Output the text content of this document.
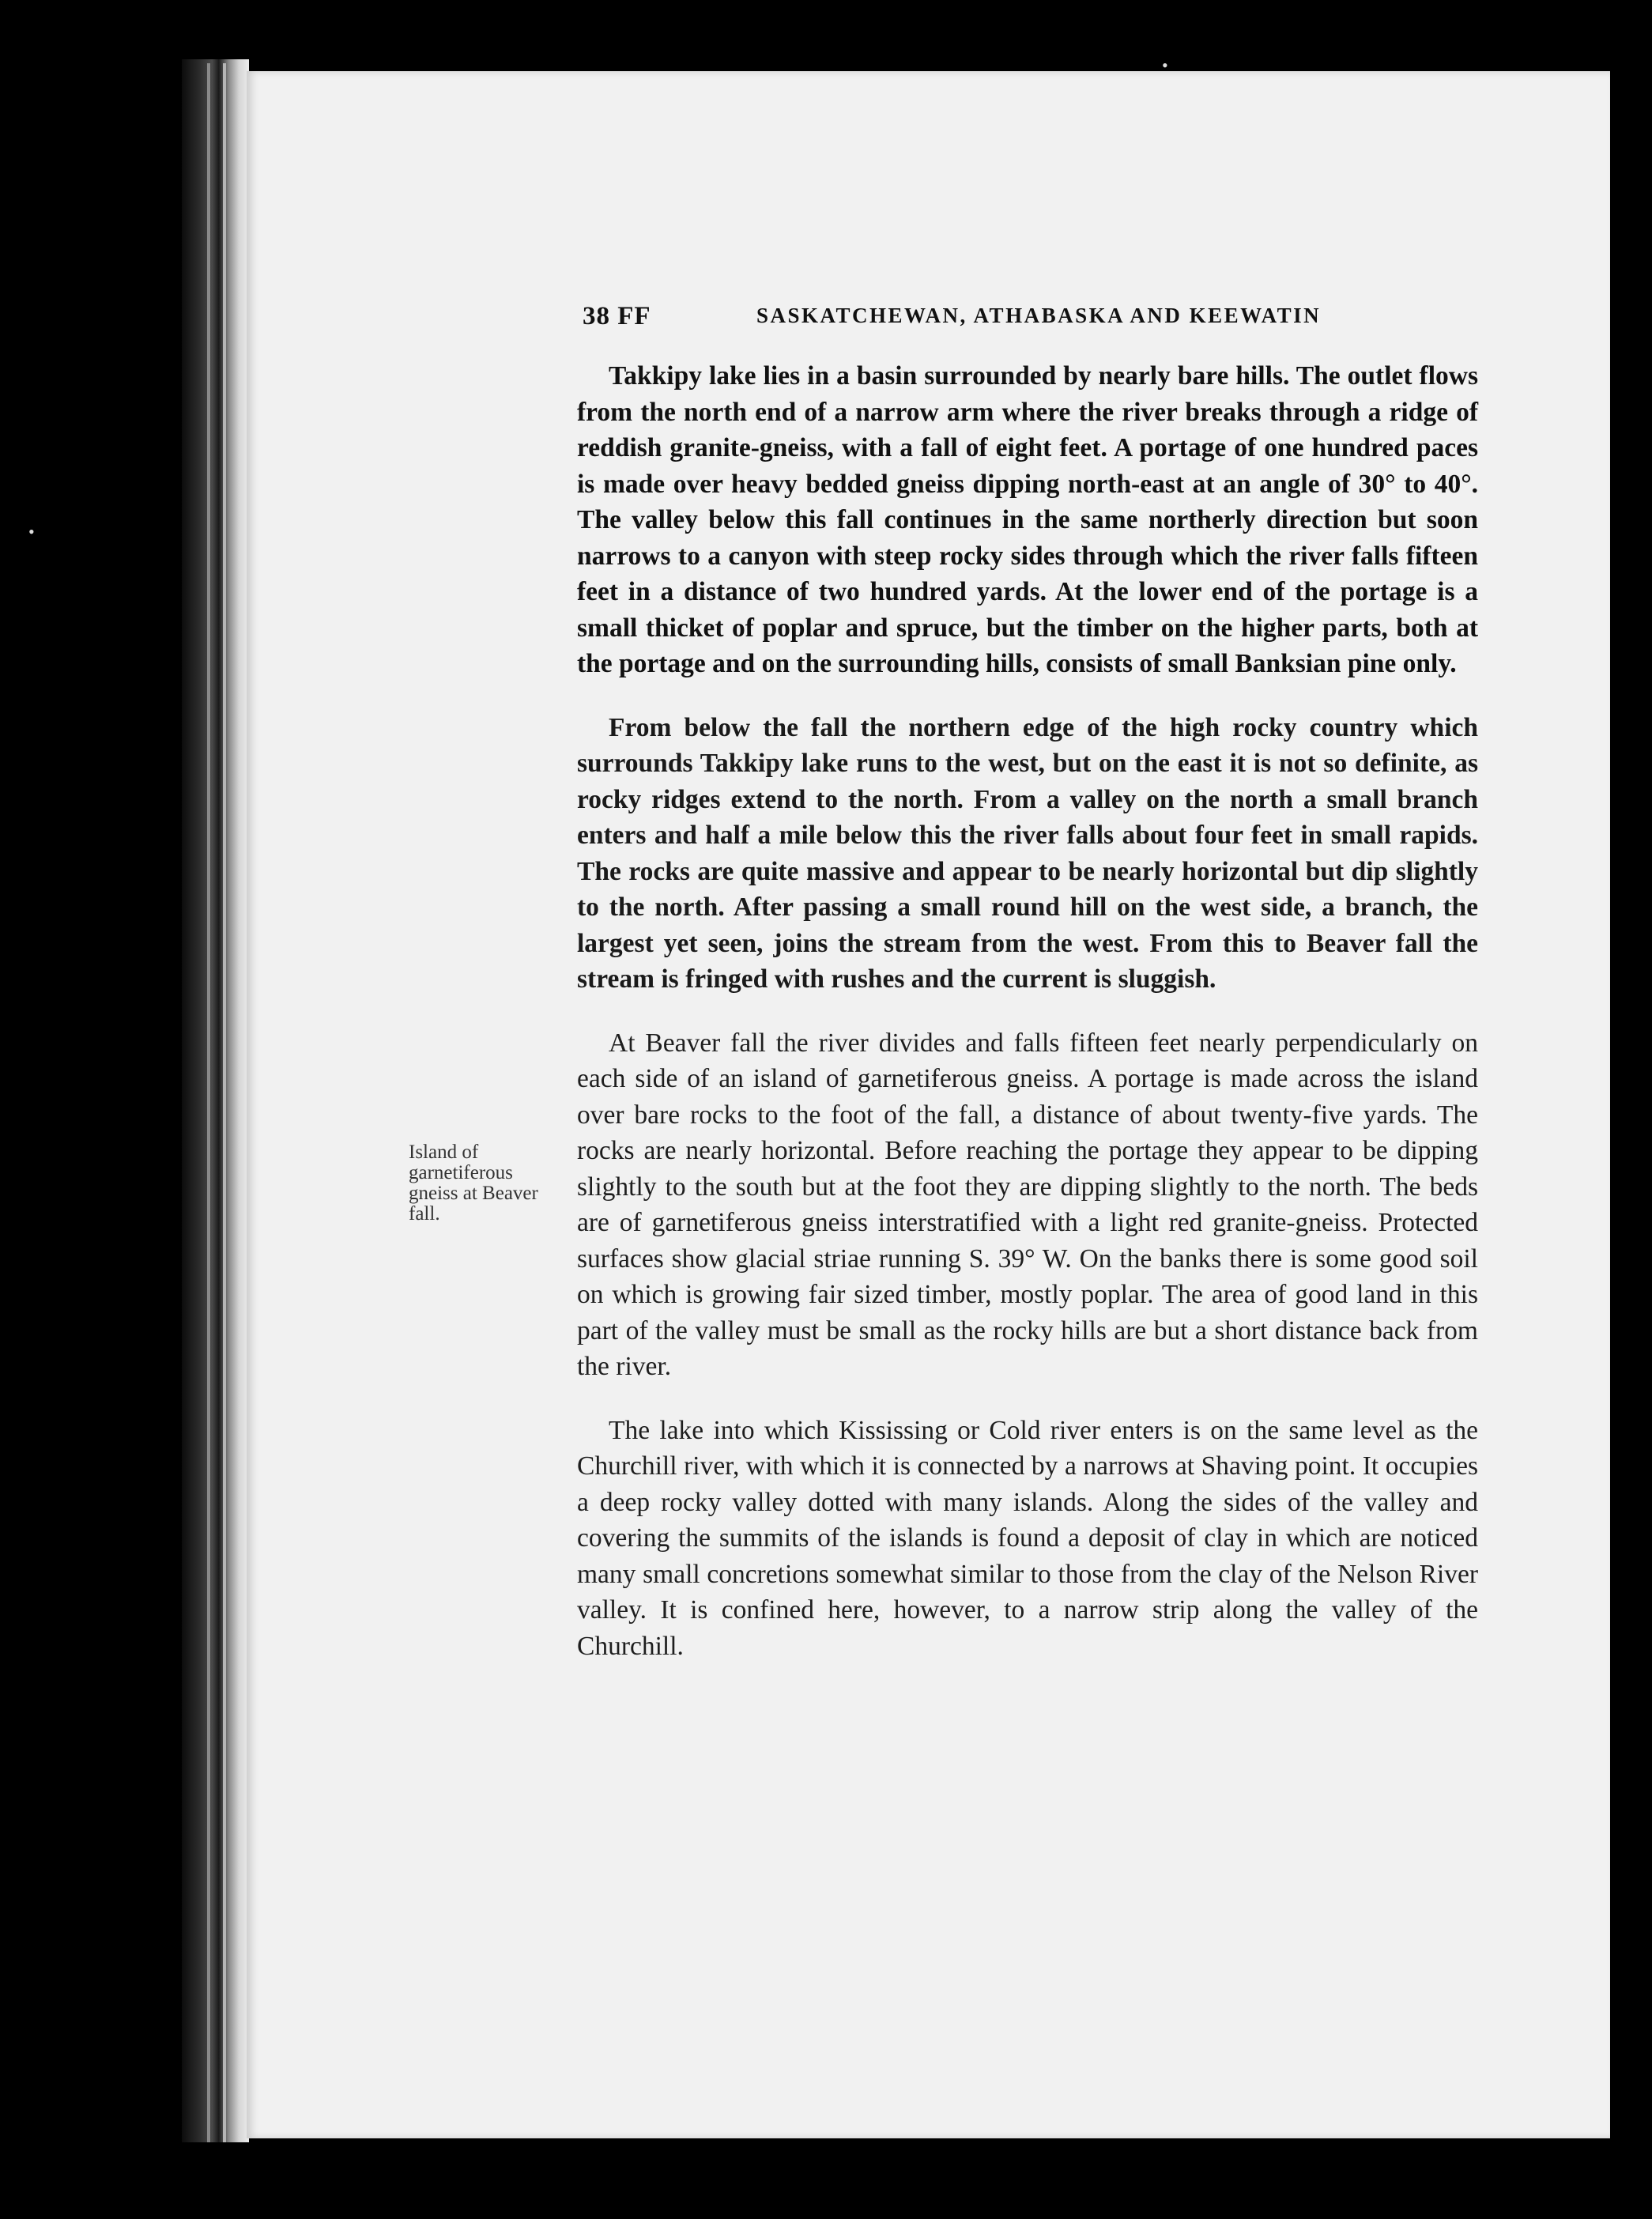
•
•
38 FF	SASKATCHEWAN, ATHABASKA AND KEEWATIN
Island of garnetiferous gneiss at Beaver fall.

Takkipy lake lies in a basin surrounded by nearly bare hills. The outlet flows from the north end of a narrow arm where the river breaks through a ridge of reddish granite-gneiss, with a fall of eight feet. A portage of one hundred paces is made over heavy bedded gneiss dipping north-east at an angle of 30° to 40°. The valley below this fall continues in the same northerly direction but soon narrows to a canyon with steep rocky sides through which the river falls fifteen feet in a distance of two hundred yards. At the lower end of the portage is a small thicket of poplar and spruce, but the timber on the higher parts, both at the portage and on the surrounding hills, consists of small Banksian pine only.

From below the fall the northern edge of the high rocky country which surrounds Takkipy lake runs to the west, but on the east it is not so definite, as rocky ridges extend to the north. From a valley on the north a small branch enters and half a mile below this the river falls about four feet in small rapids. The rocks are quite massive and appear to be nearly horizontal but dip slightly to the north. After passing a small round hill on the west side, a branch, the largest yet seen, joins the stream from the west. From this to Beaver fall the stream is fringed with rushes and the current is sluggish.

At Beaver fall the river divides and falls fifteen feet nearly perpendicularly on each side of an island of garnetiferous gneiss. A portage is made across the island over bare rocks to the foot of the fall, a distance of about twenty-five yards. The rocks are nearly horizontal. Before reaching the portage they appear to be dipping slightly to the south but at the foot they are dipping slightly to the north. The beds are of garnetiferous gneiss interstratified with a light red granite-gneiss. Protected surfaces show glacial striae running S. 39° W. On the banks there is some good soil on which is growing fair sized timber, mostly poplar. The area of good land in this part of the valley must be small as the rocky hills are but a short distance back from the river.

The lake into which Kississing or Cold river enters is on the same level as the Churchill river, with which it is connected by a narrows at Shaving point. It occupies a deep rocky valley dotted with many islands. Along the sides of the valley and covering the summits of the islands is found a deposit of clay in which are noticed many small concretions somewhat similar to those from the clay of the Nelson River valley. It is confined here, however, to a narrow strip along the valley of the Churchill.
